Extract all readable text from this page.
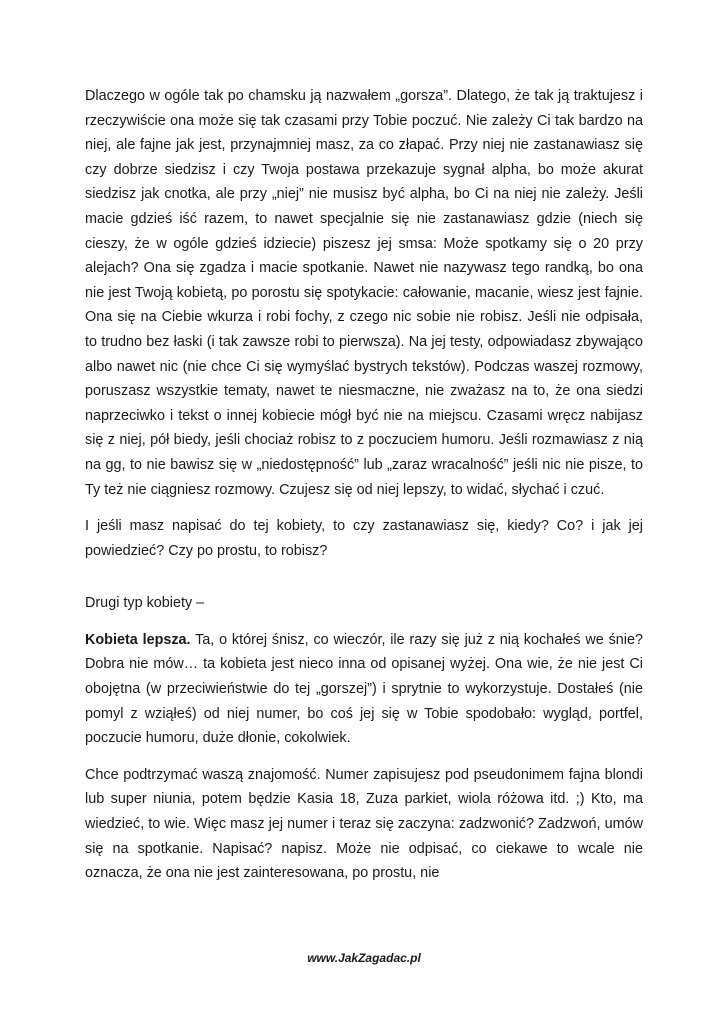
Dlaczego w ogóle tak po chamsku ją nazwałem „gorsza”. Dlatego, że tak ją traktujesz i rzeczywiście ona może się tak czasami przy Tobie poczuć. Nie zależy Ci tak bardzo na niej, ale fajne jak jest, przynajmniej masz, za co złapać. Przy niej nie zastanawiasz się czy dobrze siedzisz i czy Twoja postawa przekazuje sygnał alpha, bo może akurat siedzisz jak cnotka, ale przy „niej” nie musisz być alpha, bo Ci na niej nie zależy. Jeśli macie gdzieś iść razem, to nawet specjalnie się nie zastanawiasz gdzie (niech się cieszy, że w ogóle gdzieś idziecie) piszesz jej smsa: Może spotkamy się o 20 przy alejach? Ona się zgadza i macie spotkanie. Nawet nie nazywasz tego randką, bo ona nie jest Twoją kobietą, po porostu się spotykacie: całowanie, macanie, wiesz jest fajnie. Ona się na Ciebie wkurza i robi fochy, z czego nic sobie nie robisz. Jeśli nie odpisała, to trudno bez łaski (i tak zawsze robi to pierwsza). Na jej testy, odpowiadasz zbywająco albo nawet nic (nie chce Ci się wymyślać bystrych tekstów). Podczas waszej rozmowy, poruszasz wszystkie tematy, nawet te niesmaczne, nie zważasz na to, że ona siedzi naprzeciwko i tekst o innej kobiecie mógł być nie na miejscu. Czasami wręcz nabijasz się z niej, pół biedy, jeśli chociaż robisz to z poczuciem humoru. Jeśli rozmawiasz z nią na gg, to nie bawisz się w „niedostępność” lub „zaraz wracalność” jeśli nic nie pisze, to Ty też nie ciągniesz rozmowy. Czujesz się od niej lepszy, to widać, słychać i czuć.

I jeśli masz napisać do tej kobiety, to czy zastanawiasz się, kiedy? Co? i jak jej powiedzieć? Czy po prostu, to robisz?

Drugi typ kobiety –

Kobieta lepsza. Ta, o której śnisz, co wieczór, ile razy się już z nią kochałeś we śnie? Dobra nie mów… ta kobieta jest nieco inna od opisanej wyżej. Ona wie, że nie jest Ci obojętna (w przeciwieństwie do tej „gorszej”) i sprytnie to wykorzystuje. Dostałeś (nie pomyl z wziąłeś) od niej numer, bo coś jej się w Tobie spodobało: wygląd, portfel, poczucie humoru, duże dłonie, cokolwiek.

Chce podtrzymać waszą znajomość. Numer zapisujesz pod pseudonimem fajna blondi lub super niunia, potem będzie Kasia 18, Zuza parkiet, wiola różowa itd. ;) Kto, ma wiedzieć, to wie. Więc masz jej numer i teraz się zaczyna: zadzwonić? Zadzwoń, umów się na spotkanie. Napisać? napisz. Może nie odpisać, co ciekawe to wcale nie oznacza, że ona nie jest zainteresowana, po prostu, nie

www.JakZagadac.pl
